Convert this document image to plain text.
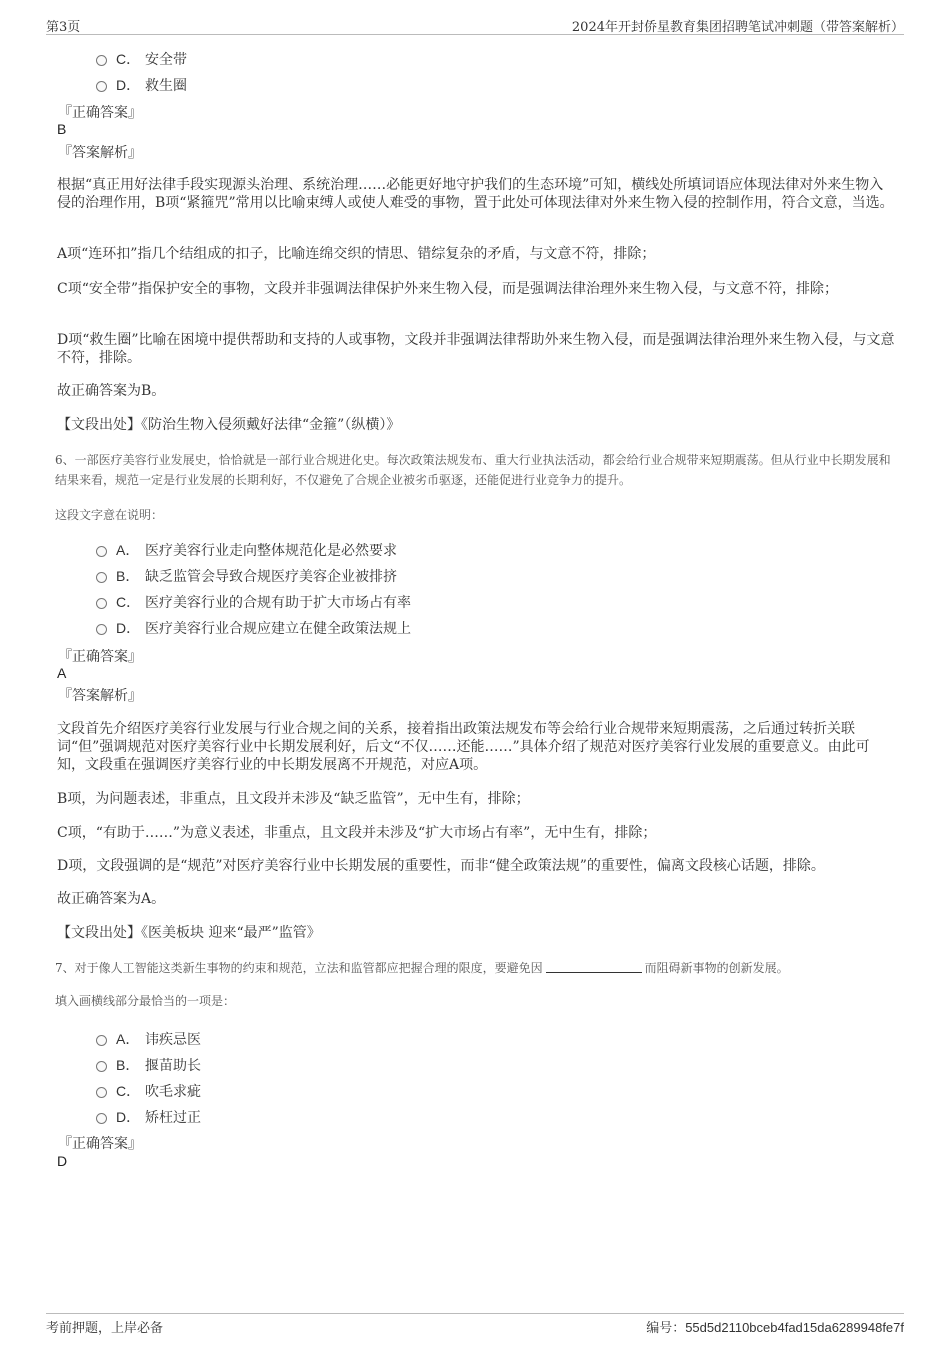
第3页	2024年开封侨星教育集团招聘笔试冲刺题（带答案解析）
C． 安全带
D． 救生圈
『正确答案』
B
『答案解析』
根据“真正用好法律手段实现源头治理、系统治理……必能更好地守护我们的生态环境”可知，横线处所填词语应体现法律对外来生物入侵的治理作用，B项“紧箍咒”常用以比喻束缚人或使人难受的事物，置于此处可体现法律对外来生物入侵的控制作用，符合文意，当选。
A项“连环扣”指几个结组成的扣子，比喻连绵交织的情思、错综复杂的矛盾，与文意不符，排除；
C项“安全带”指保护安全的事物，文段并非强调法律保护外来生物入侵，而是强调法律治理外来生物入侵，与文意不符，排除；
D项“救生圈”比喻在困境中提供帮助和支持的人或事物，文段并非强调法律帮助外来生物入侵，而是强调法律治理外来生物入侵，与文意不符，排除。
故正确答案为B。
【文段出处】《防治生物入侵须戴好法律“金箍”（纵横）》
6、一部医疗美容行业发展史，恰恰就是一部行业合规进化史。每次政策法规发布、重大行业执法活动，都会给行业合规带来短期震荡。但从行业中长期发展和结果来看，规范一定是行业发展的长期利好，不仅避免了合规企业被劣币驱逐，还能促进行业竞争力的提升。
这段文字意在说明：
A． 医疗美容行业走向整体规范化是必然要求
B． 缺乏监管会导致合规医疗美容企业被排挤
C． 医疗美容行业的合规有助于扩大市场占有率
D． 医疗美容行业合规应建立在健全政策法规上
『正确答案』
A
『答案解析』
文段首先介绍医疗美容行业发展与行业合规之间的关系，接着指出政策法规发布等会给行业合规带来短期震荡，之后通过转折关联词“但”强调规范对医疗美容行业中长期发展利好，后文“不仅……还能……”具体介绍了规范对医疗美容行业发展的重要意义。由此可知，文段重在强调医疗美容行业的中长期发展离不开规范，对应A项。
B项，为问题表述，非重点，且文段并未涉及“缺乏监管”，无中生有，排除；
C项，“有助于……”为意义表述，非重点，且文段并未涉及“扩大市场占有率”，无中生有，排除；
D项，文段强调的是“规范”对医疗美容行业中长期发展的重要性，而非“健全政策法规”的重要性，偏离文段核心话题，排除。
故正确答案为A。
【文段出处】《医美板块 迎来“最严”监管》
7、对于像人工智能这类新生事物的约束和规范，立法和监管都应把握合理的限度，要避免因	而阻碍新事物的创新发展。
填入画横线部分最恰当的一项是：
A． 讳疾忌医
B． 揠苗助长
C． 吹毛求疵
D． 矫枉过正
『正确答案』
D
考前押题，上岸必备	编号：55d5d2110bceb4fad15da6289948fe7f
